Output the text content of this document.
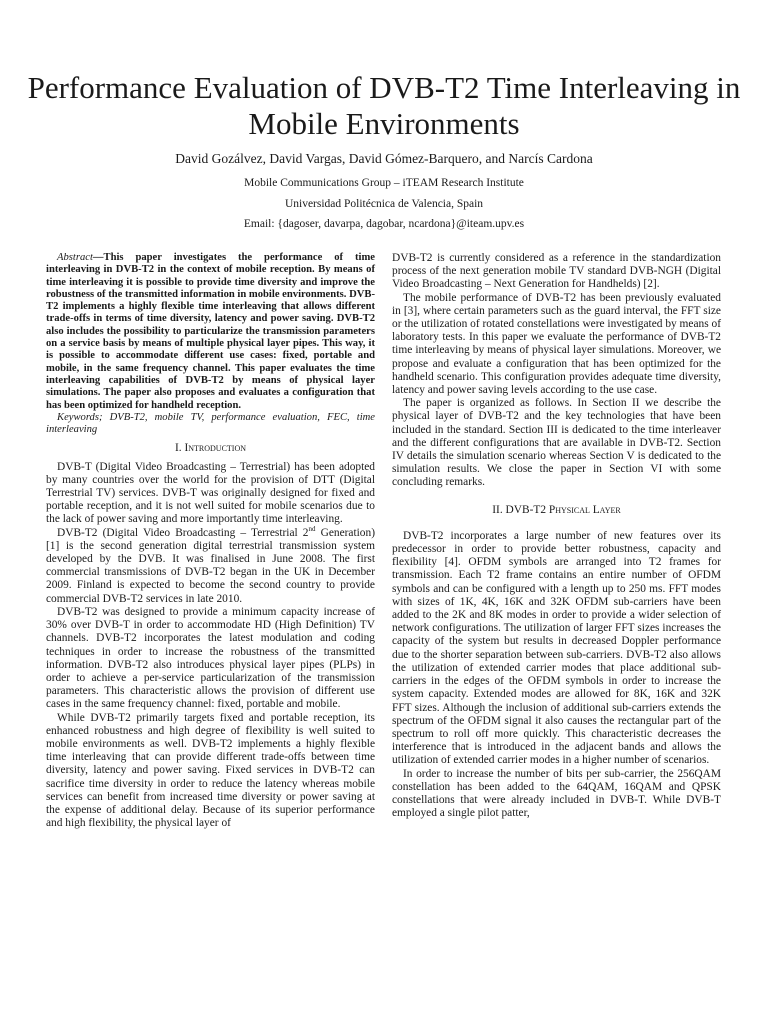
Performance Evaluation of DVB-T2 Time Interleaving in Mobile Environments
David Gozálvez, David Vargas, David Gómez-Barquero, and Narcís Cardona
Mobile Communications Group – iTEAM Research Institute
Universidad Politécnica de Valencia, Spain
Email: {dagoser, davarpa, dagobar, ncardona}@iteam.upv.es

Abstract—This paper investigates the performance of time interleaving in DVB-T2 in the context of mobile reception. By means of time interleaving it is possible to provide time diversity and improve the robustness of the transmitted information in mobile environments. DVB-T2 implements a highly flexible time interleaving that allows different trade-offs in terms of time diversity, latency and power saving. DVB-T2 also includes the possibility to particularize the transmission parameters on a service basis by means of multiple physical layer pipes. This way, it is possible to accommodate different use cases: fixed, portable and mobile, in the same frequency channel. This paper evaluates the time interleaving capabilities of DVB-T2 by means of physical layer simulations. The paper also proposes and evaluates a configuration that has been optimized for handheld reception.

Keywords; DVB-T2, mobile TV, performance evaluation, FEC, time interleaving

I. Introduction

DVB-T (Digital Video Broadcasting – Terrestrial) has been adopted by many countries over the world for the provision of DTT (Digital Terrestrial TV) services. DVB-T was originally designed for fixed and portable reception, and it is not well suited for mobile scenarios due to the lack of power saving and more importantly time interleaving.

DVB-T2 (Digital Video Broadcasting – Terrestrial 2nd Generation) [1] is the second generation digital terrestrial transmission system developed by the DVB. It was finalised in June 2008. The first commercial transmissions of DVB-T2 began in the UK in December 2009. Finland is expected to become the second country to provide commercial DVB-T2 services in late 2010.

DVB-T2 was designed to provide a minimum capacity increase of 30% over DVB-T in order to accommodate HD (High Definition) TV channels. DVB-T2 incorporates the latest modulation and coding techniques in order to increase the robustness of the transmitted information. DVB-T2 also introduces physical layer pipes (PLPs) in order to achieve a per-service particularization of the transmission parameters. This characteristic allows the provision of different use cases in the same frequency channel: fixed, portable and mobile.

While DVB-T2 primarily targets fixed and portable reception, its enhanced robustness and high degree of flexibility is well suited to mobile environments as well. DVB-T2 implements a highly flexible time interleaving that can provide different trade-offs between time diversity, latency and power saving. Fixed services in DVB-T2 can sacrifice time diversity in order to reduce the latency whereas mobile services can benefit from increased time diversity or power saving at the expense of additional delay. Because of its superior performance and high flexibility, the physical layer of

DVB-T2 is currently considered as a reference in the standardization process of the next generation mobile TV standard DVB-NGH (Digital Video Broadcasting – Next Generation for Handhelds) [2].

The mobile performance of DVB-T2 has been previously evaluated in [3], where certain parameters such as the guard interval, the FFT size or the utilization of rotated constellations were investigated by means of laboratory tests. In this paper we evaluate the performance of DVB-T2 time interleaving by means of physical layer simulations. Moreover, we propose and evaluate a configuration that has been optimized for the handheld scenario. This configuration provides adequate time diversity, latency and power saving levels according to the use case.

The paper is organized as follows. In Section II we describe the physical layer of DVB-T2 and the key technologies that have been included in the standard. Section III is dedicated to the time interleaver and the different configurations that are available in DVB-T2. Section IV details the simulation scenario whereas Section V is dedicated to the simulation results. We close the paper in Section VI with some concluding remarks.

II. DVB-T2 Physical Layer

DVB-T2 incorporates a large number of new features over its predecessor in order to provide better robustness, capacity and flexibility [4]. OFDM symbols are arranged into T2 frames for transmission. Each T2 frame contains an entire number of OFDM symbols and can be configured with a length up to 250 ms. FFT modes with sizes of 1K, 4K, 16K and 32K OFDM sub-carriers have been added to the 2K and 8K modes in order to provide a wider selection of network configurations. The utilization of larger FFT sizes increases the capacity of the system but results in decreased Doppler performance due to the shorter separation between sub-carriers. DVB-T2 also allows the utilization of extended carrier modes that place additional sub-carriers in the edges of the OFDM symbols in order to increase the system capacity. Extended modes are allowed for 8K, 16K and 32K FFT sizes. Although the inclusion of additional sub-carriers extends the spectrum of the OFDM signal it also causes the rectangular part of the spectrum to roll off more quickly. This characteristic decreases the interference that is introduced in the adjacent bands and allows the utilization of extended carrier modes in a higher number of scenarios.

In order to increase the number of bits per sub-carrier, the 256QAM constellation has been added to the 64QAM, 16QAM and QPSK constellations that were already included in DVB-T. While DVB-T employed a single pilot patter,
